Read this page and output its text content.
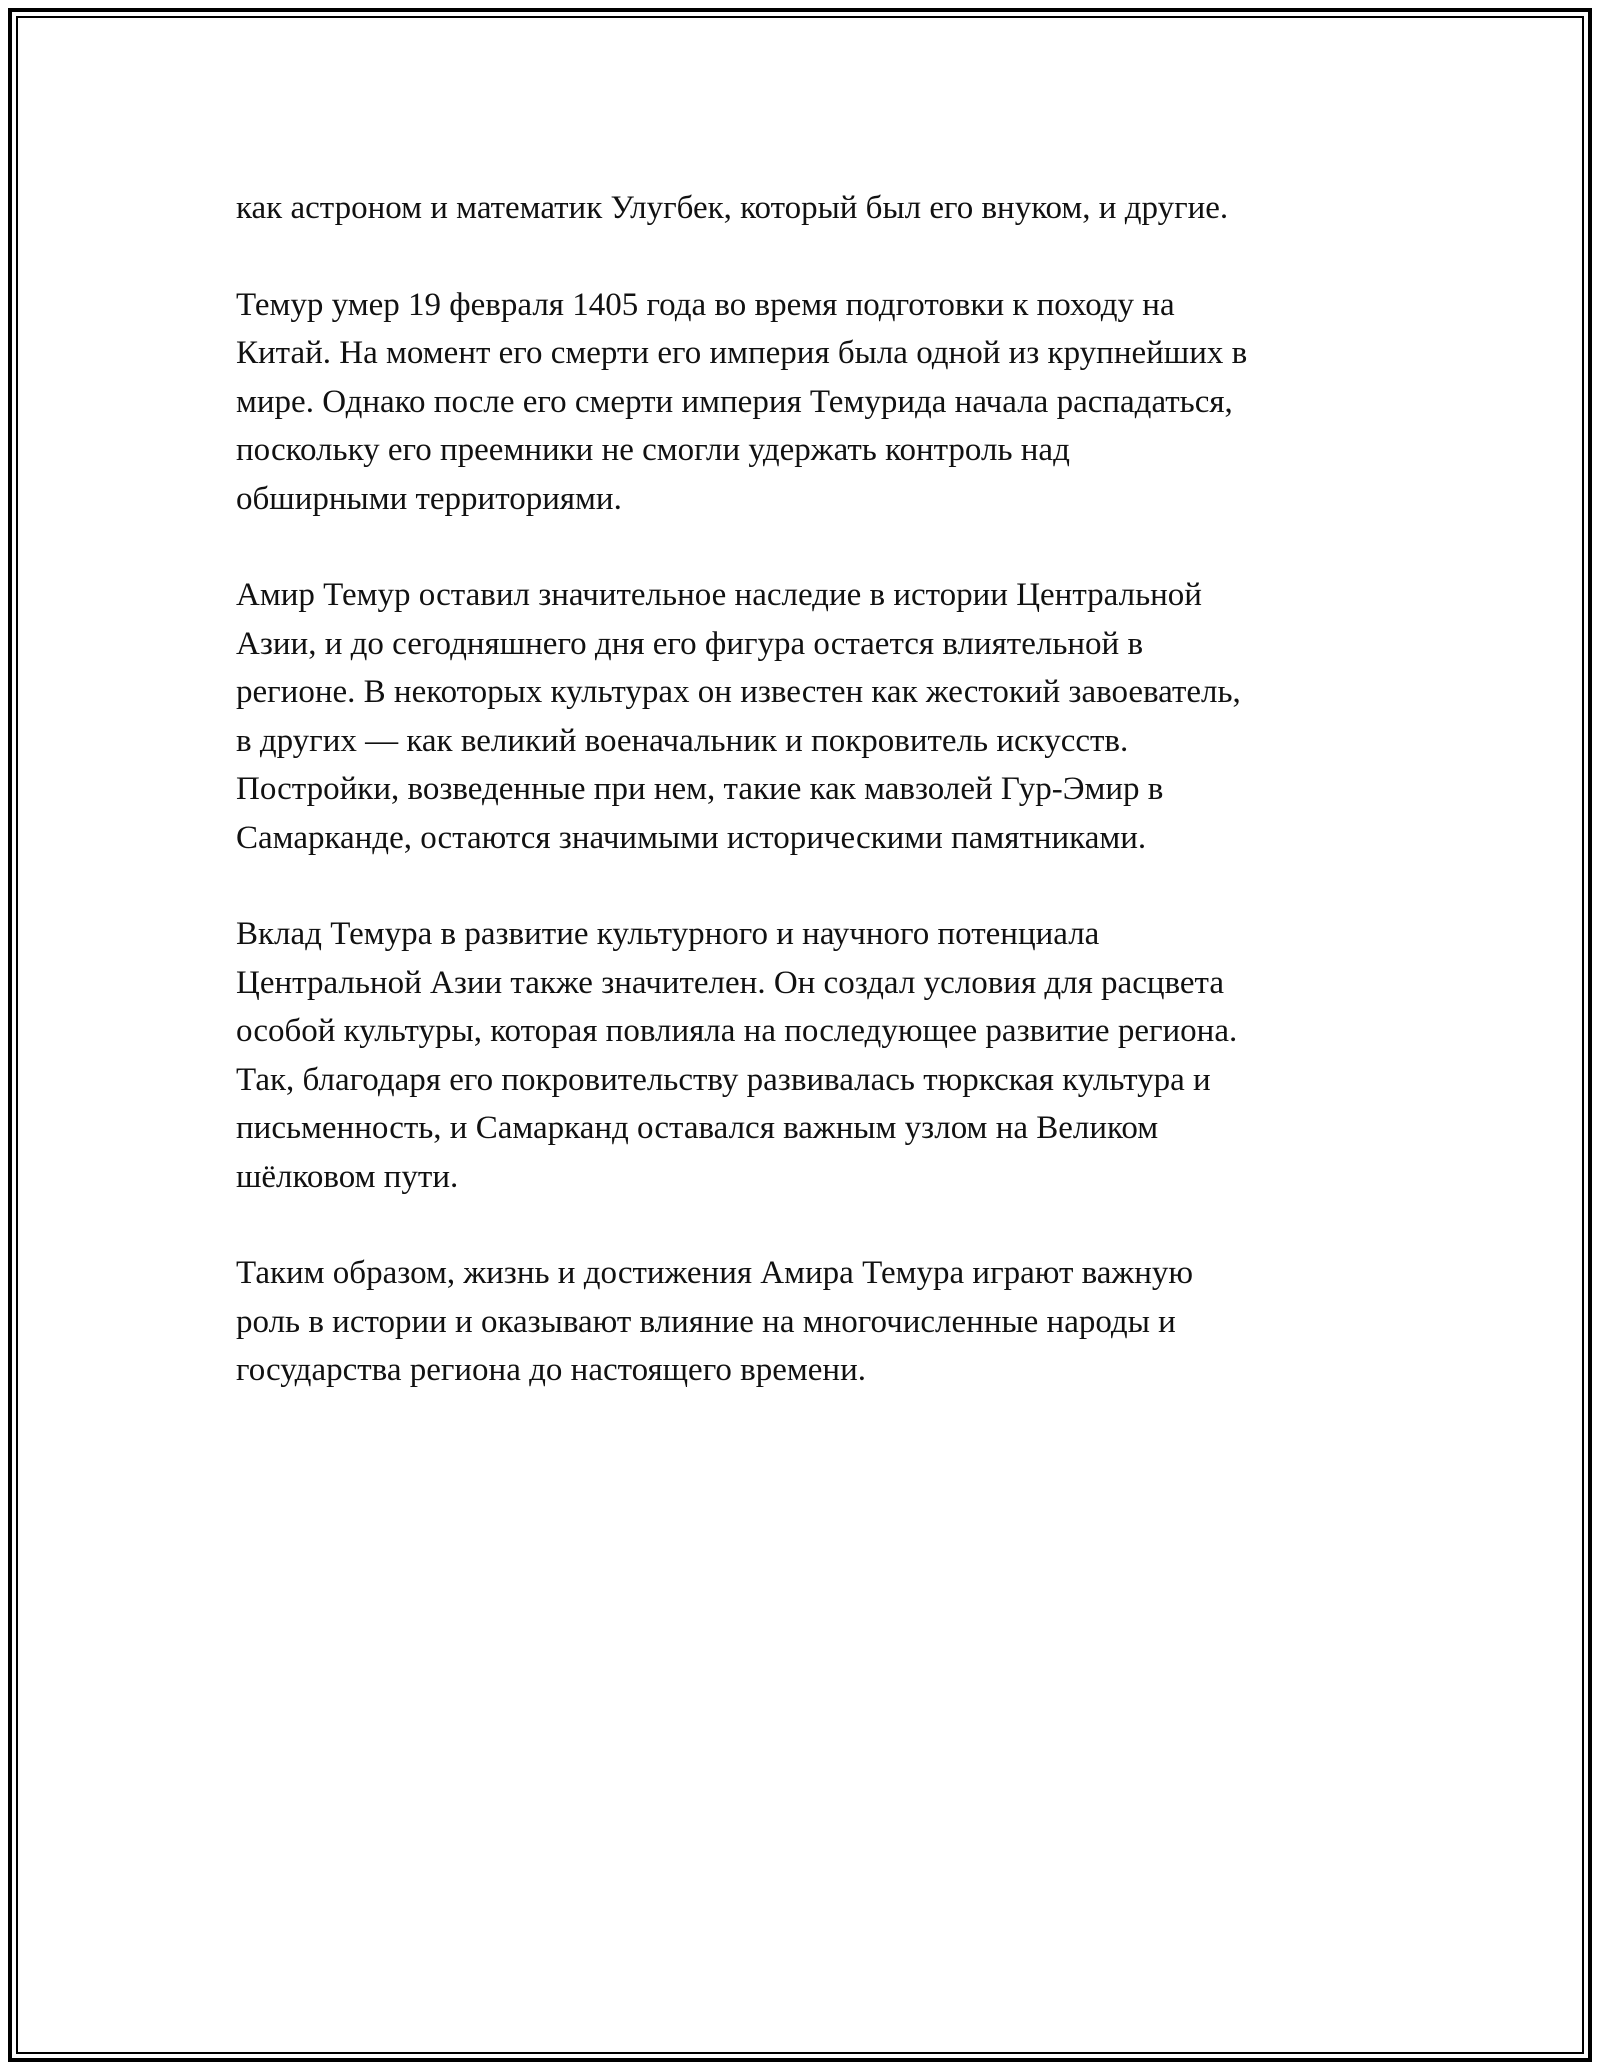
как астроном и математик Улугбек, который был его внуком, и другие.

Темур умер 19 февраля 1405 года во время подготовки к походу на
Китай. На момент его смерти его империя была одной из крупнейших в
мире. Однако после его смерти империя Темурида начала распадаться,
поскольку его преемники не смогли удержать контроль над
обширными территориями.

Амир Темур оставил значительное наследие в истории Центральной
Азии, и до сегодняшнего дня его фигура остается влиятельной в
регионе. В некоторых культурах он известен как жестокий завоеватель,
в других — как великий военачальник и покровитель искусств.
Постройки, возведенные при нем, такие как мавзолей Гур-Эмир в
Самарканде, остаются значимыми историческими памятниками.

Вклад Темура в развитие культурного и научного потенциала
Центральной Азии также значителен. Он создал условия для расцвета
особой культуры, которая повлияла на последующее развитие региона.
Так, благодаря его покровительству развивалась тюркская культура и
письменность, и Самарканд оставался важным узлом на Великом
шёлковом пути.

Таким образом, жизнь и достижения Амира Темура играют важную
роль в истории и оказывают влияние на многочисленные народы и
государства региона до настоящего времени.
